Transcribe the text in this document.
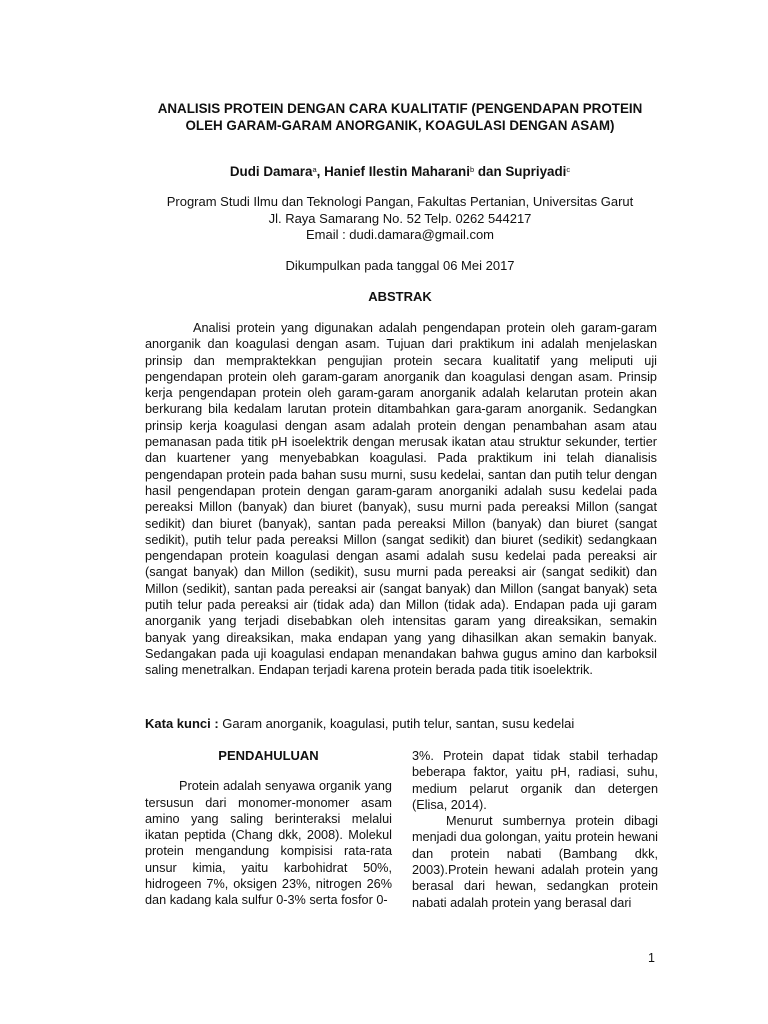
ANALISIS PROTEIN DENGAN CARA KUALITATIF (PENGENDAPAN PROTEIN OLEH GARAM-GARAM ANORGANIK, KOAGULASI DENGAN ASAM)
Dudi Damara$^a$, Hanief Ilestin Maharani$^b$ dan Supriyadi$^c$
Program Studi Ilmu dan Teknologi Pangan, Fakultas Pertanian, Universitas Garut
Jl. Raya Samarang No. 52 Telp. 0262 544217
Email : dudi.damara@gmail.com
Dikumpulkan pada tanggal 06 Mei 2017
ABSTRAK

Analisi protein yang digunakan adalah pengendapan protein oleh garam-garam anorganik dan koagulasi dengan asam. Tujuan dari praktikum ini adalah menjelaskan prinsip dan mempraktekkan pengujian protein secara kualitatif yang meliputi uji pengendapan protein oleh garam-garam anorganik dan koagulasi dengan asam. Prinsip kerja pengendapan protein oleh garam-garam anorganik adalah kelarutan protein akan berkurang bila kedalam larutan protein ditambahkan gara-garam anorganik. Sedangkan prinsip kerja koagulasi dengan asam adalah protein dengan penambahan asam atau pemanasan pada titik pH isoelektrik dengan merusak ikatan atau struktur sekunder, tertier dan kuartener yang menyebabkan koagulasi. Pada praktikum ini telah dianalisis pengendapan protein pada bahan susu murni, susu kedelai, santan dan putih telur dengan hasil pengendapan protein dengan garam-garam anorganiki adalah susu kedelai pada pereaksi Millon (banyak) dan biuret (banyak), susu murni pada pereaksi Millon (sangat sedikit) dan biuret (banyak), santan pada pereaksi Millon (banyak) dan biuret (sangat sedikit), putih telur pada pereaksi Millon (sangat sedikit) dan biuret (sedikit) sedangkaan pengendapan protein koagulasi dengan asami adalah susu kedelai pada pereaksi air (sangat banyak) dan Millon (sedikit), susu murni pada pereaksi air (sangat sedikit) dan Millon (sedikit), santan pada pereaksi air (sangat banyak) dan Millon (sangat banyak) seta putih telur pada pereaksi air (tidak ada) dan Millon (tidak ada). Endapan pada uji garam anorganik yang terjadi disebabkan oleh intensitas garam yang direaksikan, semakin banyak yang direaksikan, maka endapan yang yang dihasilkan akan semakin banyak. Sedangakan pada uji koagulasi endapan menandakan bahwa gugus amino dan karboksil saling menetralkan. Endapan terjadi karena protein berada pada titik isoelektrik.

Kata kunci : Garam anorganik, koagulasi, putih telur, santan, susu kedelai
PENDAHULUAN

Protein adalah senyawa organik yang tersusun dari monomer-monomer asam amino yang saling berinteraksi melalui ikatan peptida (Chang dkk, 2008). Molekul protein mengandung kompisisi rata-rata unsur kimia, yaitu karbohidrat 50%, hidrogeen 7%, oksigen 23%, nitrogen 26% dan kadang kala sulfur 0-3% serta fosfor 0-

3%. Protein dapat tidak stabil terhadap beberapa faktor, yaitu pH, radiasi, suhu, medium pelarut organik dan detergen (Elisa, 2014).

Menurut sumbernya protein dibagi menjadi dua golongan, yaitu protein hewani dan protein nabati (Bambang dkk, 2003).Protein hewani adalah protein yang berasal dari hewan, sedangkan protein nabati adalah protein yang berasal dari

1
